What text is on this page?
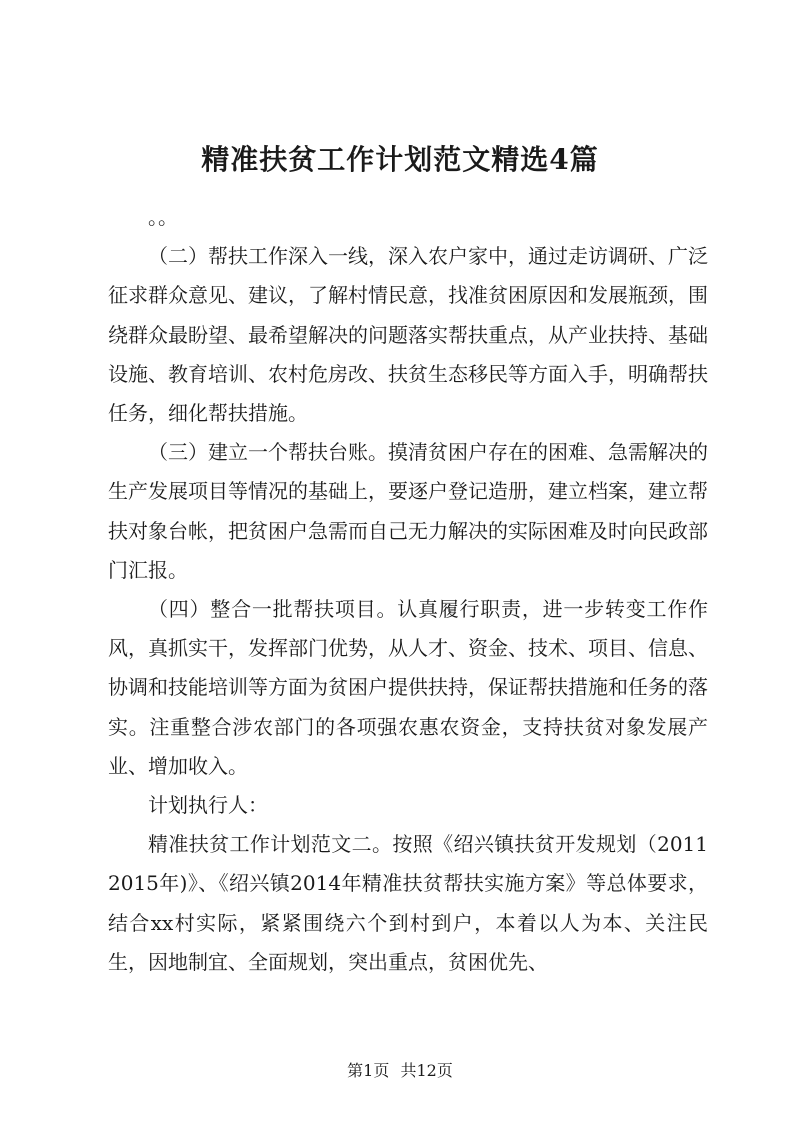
精准扶贫工作计划范文精选4篇

。。

（二）帮扶工作深入一线，深入农户家中，通过走访调研、广泛征求群众意见、建议，了解村情民意，找准贫困原因和发展瓶颈，围绕群众最盼望、最希望解决的问题落实帮扶重点，从产业扶持、基础设施、教育培训、农村危房改、扶贫生态移民等方面入手，明确帮扶任务，细化帮扶措施。

（三）建立一个帮扶台账。摸清贫困户存在的困难、急需解决的生产发展项目等情况的基础上，要逐户登记造册，建立档案，建立帮扶对象台帐，把贫困户急需而自己无力解决的实际困难及时向民政部门汇报。

（四）整合一批帮扶项目。认真履行职责，进一步转变工作作风，真抓实干，发挥部门优势，从人才、资金、技术、项目、信息、协调和技能培训等方面为贫困户提供扶持，保证帮扶措施和任务的落实。注重整合涉农部门的各项强农惠农资金，支持扶贫对象发展产业、增加收入。

计划执行人：

精准扶贫工作计划范文二。按照《绍兴镇扶贫开发规划（20112015年)》、《绍兴镇2014年精准扶贫帮扶实施方案》等总体要求，结合xx村实际，紧紧围绕六个到村到户，本着以人为本、关注民生，因地制宜、全面规划，突出重点，贫困优先、

第1页 共12页
